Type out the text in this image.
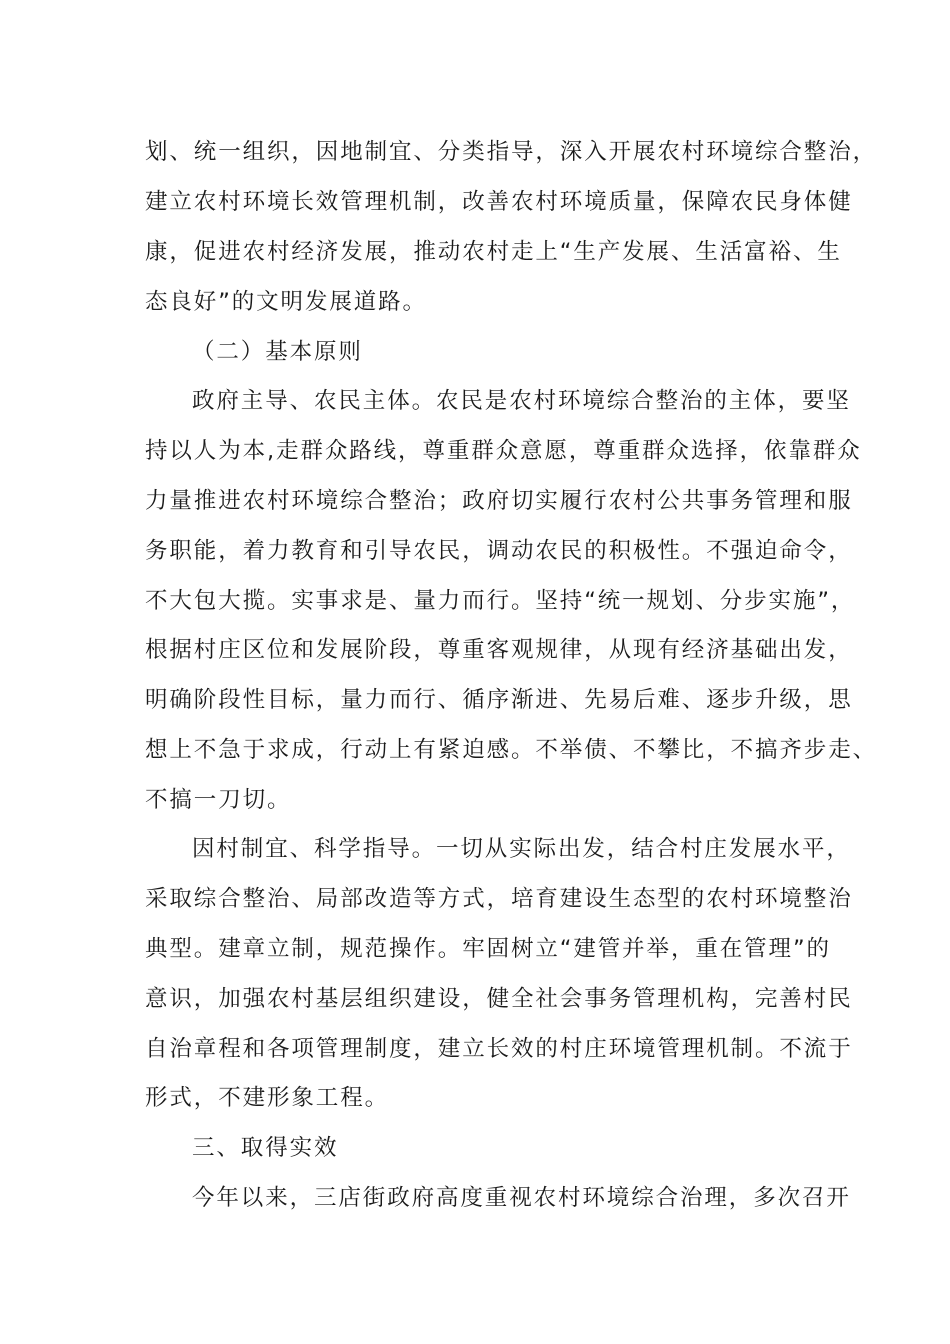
划、统一组织，因地制宜、分类指导，深入开展农村环境综合整治，
建立农村环境长效管理机制，改善农村环境质量，保障农民身体健
康，促进农村经济发展，推动农村走上“生产发展、生活富裕、生
态良好”的文明发展道路。
（二）基本原则
政府主导、农民主体。农民是农村环境综合整治的主体，要坚
持以人为本,走群众路线，尊重群众意愿，尊重群众选择，依靠群众
力量推进农村环境综合整治；政府切实履行农村公共事务管理和服
务职能，着力教育和引导农民，调动农民的积极性。不强迫命令，
不大包大揽。实事求是、量力而行。坚持“统一规划、分步实施”，
根据村庄区位和发展阶段，尊重客观规律，从现有经济基础出发，
明确阶段性目标，量力而行、循序渐进、先易后难、逐步升级，思
想上不急于求成，行动上有紧迫感。不举债、不攀比，不搞齐步走、
不搞一刀切。
因村制宜、科学指导。一切从实际出发，结合村庄发展水平，
采取综合整治、局部改造等方式，培育建设生态型的农村环境整治
典型。建章立制，规范操作。牢固树立“建管并举，重在管理”的
意识，加强农村基层组织建设，健全社会事务管理机构，完善村民
自治章程和各项管理制度，建立长效的村庄环境管理机制。不流于
形式，不建形象工程。
三、取得实效
今年以来，三店街政府高度重视农村环境综合治理，多次召开
